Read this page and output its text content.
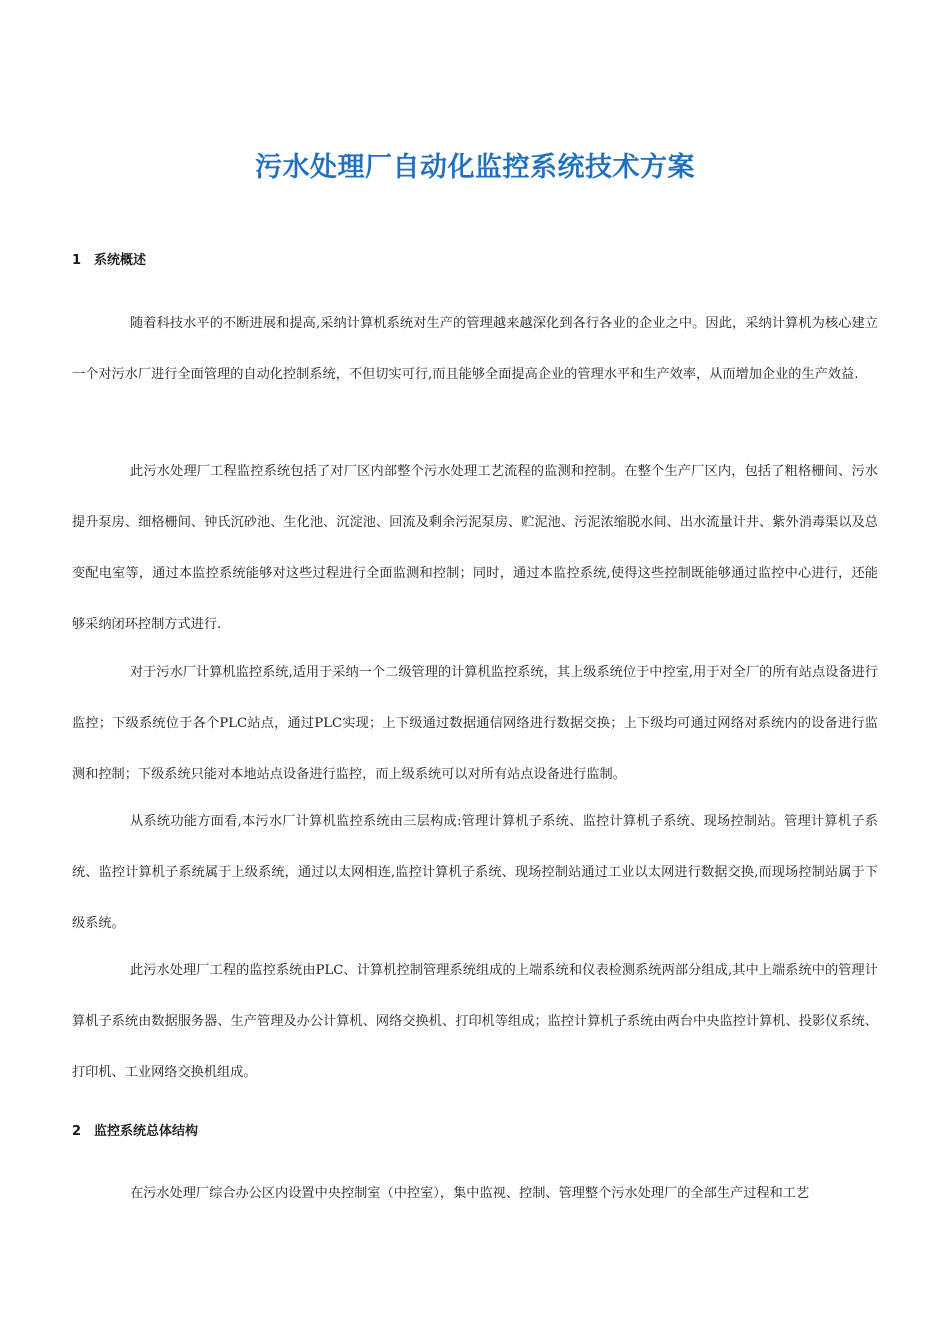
污水处理厂自动化监控系统技术方案
1 系统概述

随着科技水平的不断进展和提高,采纳计算机系统对生产的管理越来越深化到各行各业的企业之中。因此，采纳计算机为核心建立一个对污水厂进行全面管理的自动化控制系统，不但切实可行,而且能够全面提高企业的管理水平和生产效率，从而增加企业的生产效益.

此污水处理厂工程监控系统包括了对厂区内部整个污水处理工艺流程的监测和控制。在整个生产厂区内，包括了粗格栅间、污水提升泵房、细格栅间、钟氏沉砂池、生化池、沉淀池、回流及剩余污泥泵房、贮泥池、污泥浓缩脱水间、出水流量计井、紫外消毒渠以及总变配电室等，通过本监控系统能够对这些过程进行全面监测和控制；同时，通过本监控系统,使得这些控制既能够通过监控中心进行，还能够采纳闭环控制方式进行.

对于污水厂计算机监控系统,适用于采纳一个二级管理的计算机监控系统，其上级系统位于中控室,用于对全厂的所有站点设备进行监控；下级系统位于各个PLC站点，通过PLC实现；上下级通过数据通信网络进行数据交换；上下级均可通过网络对系统内的设备进行监测和控制；下级系统只能对本地站点设备进行监控，而上级系统可以对所有站点设备进行监制。

从系统功能方面看,本污水厂计算机监控系统由三层构成:管理计算机子系统、监控计算机子系统、现场控制站。管理计算机子系统、监控计算机子系统属于上级系统，通过以太网相连,监控计算机子系统、现场控制站通过工业以太网进行数据交换,而现场控制站属于下级系统。

此污水处理厂工程的监控系统由PLC、计算机控制管理系统组成的上端系统和仪表检测系统两部分组成,其中上端系统中的管理计算机子系统由数据服务器、生产管理及办公计算机、网络交换机、打印机等组成；监控计算机子系统由两台中央监控计算机、投影仪系统、打印机、工业网络交换机组成。

2 监控系统总体结构

在污水处理厂综合办公区内设置中央控制室（中控室），集中监视、控制、管理整个污水处理厂的全部生产过程和工艺
